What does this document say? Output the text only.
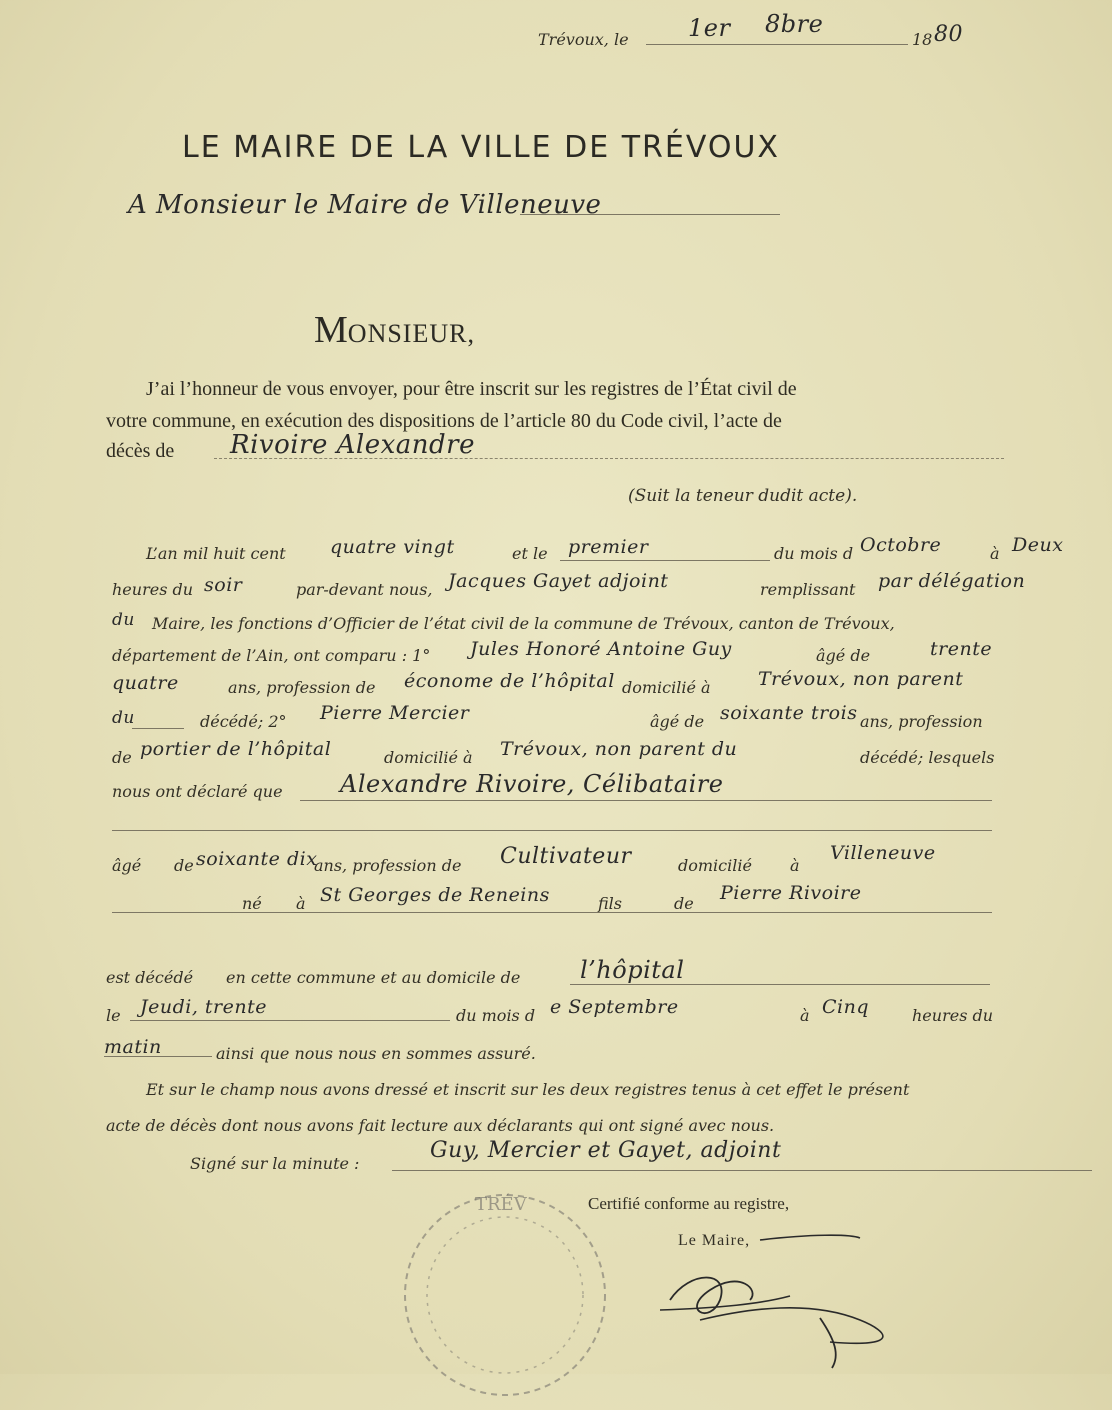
Trévoux, le 1er 8bre
18 80
LE MAIRE DE LA VILLE DE TRÉVOUX
A Monsieur le Maire de Villeneuve
MONSIEUR,
J’ai l’honneur de vous envoyer, pour être inscrit sur les registres de l’État civil de
votre commune, en exécution des dispositions de l’article 80 du Code civil, l’acte de
décès de Rivoire Alexandre
(Suit la teneur dudit acte).
L’an mil huit cent quatre vingt	et le premier	du mois d Octobre	à Deux
heures du soir	par-devant nous, Jacques Gayet adjoint	remplissant par délégation
du Maire, les fonctions d’Officier de l’état civil de la commune de Trévoux, canton de Trévoux,
département de l’Ain, ont comparu : 1° Jules Honoré Antoine Guy	âgé de	trente
quatre	ans, profession de économe de l’hôpital domicilié à Trévoux, non parent
du	décédé; 2° Pierre Mercier	âgé de soixante trois ans, profession
de portier de l’hôpital	domicilié à Trévoux, non parent du	décédé; lesquels
nous ont déclaré que Alexandre Rivoire, Célibataire
âgé de soixante dix
ans, profession de Cultivateur	domicilié à
Villeneuve
né à St Georges de Reneins	fils	de Pierre Rivoire
est décédé en cette commune et au domicile de l’hôpital
le Jeudi, trente	du mois d e Septembre	à Cinq	heures du
matin	ainsi que nous nous en sommes assuré.
Et sur le champ nous avons dressé et inscrit sur les deux registres tenus à cet effet le présent
acte de décès dont nous avons fait lecture aux déclarants qui ont signé avec nous.
Signé sur la minute :
Guy, Mercier et Gayet, adjoint
TRÉV	Certifié conforme au registre,
Le Maire,
